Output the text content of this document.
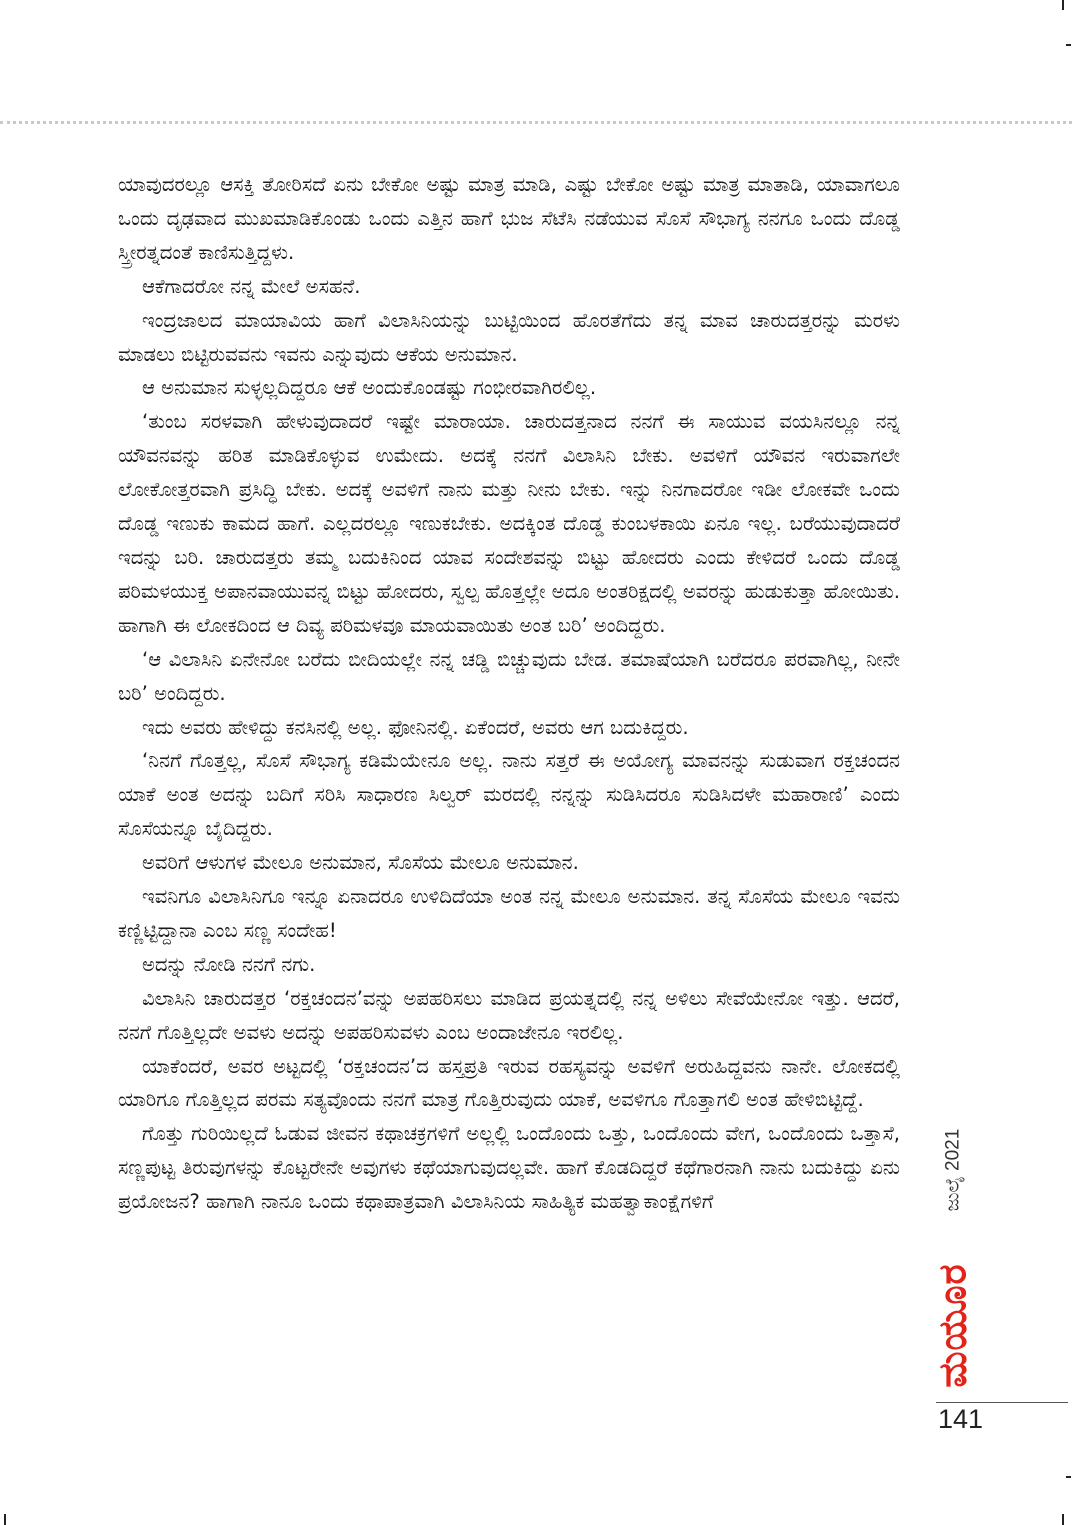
ಯಾವುದರಲ್ಲೂ ಆಸಕ್ತಿ ತೋರಿಸದೆ ಏನು ಬೇಕೋ ಅಷ್ಟು ಮಾತ್ರ ಮಾಡಿ, ಎಷ್ಟು ಬೇಕೋ ಅಷ್ಟು ಮಾತ್ರ ಮಾತಾಡಿ, ಯಾವಾಗಲೂ ಒಂದು ದೃಢವಾದ ಮುಖಮಾಡಿಕೊಂಡು ಒಂದು ಎತ್ತಿನ ಹಾಗೆ ಭುಜ ಸೆಟೆಸಿ ನಡೆಯುವ ಸೊಸೆ ಸೌಭಾಗ್ಯ ನನಗೂ ಒಂದು ದೊಡ್ಡ ಸ್ತ್ರೀರತ್ನದಂತೆ ಕಾಣಿಸುತ್ತಿದ್ದಳು.

ಆಕೆಗಾದರೋ ನನ್ನ ಮೇಲೆ ಅಸಹನೆ.

ಇಂದ್ರಜಾಲದ ಮಾಯಾವಿಯ ಹಾಗೆ ವಿಲಾಸಿನಿಯನ್ನು ಬುಟ್ಟಿಯಿಂದ ಹೊರತೆಗೆದು ತನ್ನ ಮಾವ ಚಾರುದತ್ತರನ್ನು ಮರಳು ಮಾಡಲು ಬಿಟ್ಟಿರುವವನು ಇವನು ಎನ್ನುವುದು ಆಕೆಯ ಅನುಮಾನ.

ಆ ಅನುಮಾನ ಸುಳ್ಳಲ್ಲದಿದ್ದರೂ ಆಕೆ ಅಂದುಕೊಂಡಷ್ಟು ಗಂಭೀರವಾಗಿರಲಿಲ್ಲ.

‘ತುಂಬ ಸರಳವಾಗಿ ಹೇಳುವುದಾದರೆ ಇಷ್ಟೇ ಮಾರಾಯಾ. ಚಾರುದತ್ತನಾದ ನನಗೆ ಈ ಸಾಯುವ ವಯಸಿನಲ್ಲೂ ನನ್ನ ಯೌವನವನ್ನು ಹರಿತ ಮಾಡಿಕೊಳ್ಳುವ ಉಮೇದು. ಅದಕ್ಕೆ ನನಗೆ ವಿಲಾಸಿನಿ ಬೇಕು. ಅವಳಿಗೆ ಯೌವನ ಇರುವಾಗಲೇ ಲೋಕೋತ್ತರವಾಗಿ ಪ್ರಸಿದ್ಧಿ ಬೇಕು. ಅದಕ್ಕೆ ಅವಳಿಗೆ ನಾನು ಮತ್ತು ನೀನು ಬೇಕು. ಇನ್ನು ನಿನಗಾದರೋ ಇಡೀ ಲೋಕವೇ ಒಂದು ದೊಡ್ಡ ಇಣುಕು ಕಾಮದ ಹಾಗೆ. ಎಲ್ಲದರಲ್ಲೂ ಇಣುಕಬೇಕು. ಅದಕ್ಕಿಂತ ದೊಡ್ಡ ಕುಂಬಳಕಾಯಿ ಏನೂ ಇಲ್ಲ. ಬರೆಯುವುದಾದರೆ ಇದನ್ನು ಬರಿ. ಚಾರುದತ್ತರು ತಮ್ಮ ಬದುಕಿನಿಂದ ಯಾವ ಸಂದೇಶವನ್ನು ಬಿಟ್ಟು ಹೋದರು ಎಂದು ಕೇಳಿದರೆ ಒಂದು ದೊಡ್ಡ ಪರಿಮಳಯುಕ್ತ ಅಪಾನವಾಯುವನ್ನ ಬಿಟ್ಟು ಹೋದರು, ಸ್ವಲ್ಪ ಹೊತ್ತಲ್ಲೇ ಅದೂ ಅಂತರಿಕ್ಷದಲ್ಲಿ ಅವರನ್ನು ಹುಡುಕುತ್ತಾ ಹೋಯಿತು. ಹಾಗಾಗಿ ಈ ಲೋಕದಿಂದ ಆ ದಿವ್ಯ ಪರಿಮಳವೂ ಮಾಯವಾಯಿತು ಅಂತ ಬರಿ’ ಅಂದಿದ್ದರು.

‘ಆ ವಿಲಾಸಿನಿ ಏನೇನೋ ಬರೆದು ಬೀದಿಯಲ್ಲೇ ನನ್ನ ಚಡ್ಡಿ ಬಿಚ್ಚುವುದು ಬೇಡ. ತಮಾಷೆಯಾಗಿ ಬರೆದರೂ ಪರವಾಗಿಲ್ಲ, ನೀನೇ ಬರಿ’ ಅಂದಿದ್ದರು.

ಇದು ಅವರು ಹೇಳಿದ್ದು ಕನಸಿನಲ್ಲಿ ಅಲ್ಲ. ಫೋನಿನಲ್ಲಿ. ಏಕೆಂದರೆ, ಅವರು ಆಗ ಬದುಕಿದ್ದರು.

‘ನಿನಗೆ ಗೊತ್ತಲ್ಲ, ಸೊಸೆ ಸೌಭಾಗ್ಯ ಕಡಿಮೆಯೇನೂ ಅಲ್ಲ. ನಾನು ಸತ್ತರೆ ಈ ಅಯೋಗ್ಯ ಮಾವನನ್ನು ಸುಡುವಾಗ ರಕ್ತಚಂದನ ಯಾಕೆ ಅಂತ ಅದನ್ನು ಬದಿಗೆ ಸರಿಸಿ ಸಾಧಾರಣ ಸಿಲ್ವರ್ ಮರದಲ್ಲಿ ನನ್ನನ್ನು ಸುಡಿಸಿದರೂ ಸುಡಿಸಿದಳೇ ಮಹಾರಾಣಿ’ ಎಂದು ಸೊಸೆಯನ್ನೂ ಬೈದಿದ್ದರು.

ಅವರಿಗೆ ಆಳುಗಳ ಮೇಲೂ ಅನುಮಾನ, ಸೊಸೆಯ ಮೇಲೂ ಅನುಮಾನ.

ಇವನಿಗೂ ವಿಲಾಸಿನಿಗೂ ಇನ್ನೂ ಏನಾದರೂ ಉಳಿದಿದೆಯಾ ಅಂತ ನನ್ನ ಮೇಲೂ ಅನುಮಾನ. ತನ್ನ ಸೊಸೆಯ ಮೇಲೂ ಇವನು ಕಣ್ಣಿಟ್ಟಿದ್ದಾನಾ ಎಂಬ ಸಣ್ಣ ಸಂದೇಹ!

ಅದನ್ನು ನೋಡಿ ನನಗೆ ನಗು.

ವಿಲಾಸಿನಿ ಚಾರುದತ್ತರ ‘ರಕ್ತಚಂದನ’ವನ್ನು ಅಪಹರಿಸಲು ಮಾಡಿದ ಪ್ರಯತ್ನದಲ್ಲಿ ನನ್ನ ಅಳಿಲು ಸೇವೆಯೇನೋ ಇತ್ತು. ಆದರೆ, ನನಗೆ ಗೊತ್ತಿಲ್ಲದೇ ಅವಳು ಅದನ್ನು ಅಪಹರಿಸುವಳು ಎಂಬ ಅಂದಾಜೇನೂ ಇರಲಿಲ್ಲ.

ಯಾಕೆಂದರೆ, ಅವರ ಅಟ್ಟದಲ್ಲಿ ‘ರಕ್ತಚಂದನ’ದ ಹಸ್ತಪ್ರತಿ ಇರುವ ರಹಸ್ಯವನ್ನು ಅವಳಿಗೆ ಅರುಹಿದ್ದವನು ನಾನೇ. ಲೋಕದಲ್ಲಿ ಯಾರಿಗೂ ಗೊತ್ತಿಲ್ಲದ ಪರಮ ಸತ್ಯವೊಂದು ನನಗೆ ಮಾತ್ರ ಗೊತ್ತಿರುವುದು ಯಾಕೆ, ಅವಳಿಗೂ ಗೊತ್ತಾಗಲಿ ಅಂತ ಹೇಳಿಬಿಟ್ಟಿದ್ದೆ.

ಗೊತ್ತು ಗುರಿಯಿಲ್ಲದೆ ಓಡುವ ಜೀವನ ಕಥಾಚಕ್ರಗಳಿಗೆ ಅಲ್ಲಲ್ಲಿ ಒಂದೊಂದು ಒತ್ತು, ಒಂದೊಂದು ವೇಗ, ಒಂದೊಂದು ಒತ್ತಾಸೆ, ಸಣ್ಣಪುಟ್ಟ ತಿರುವುಗಳನ್ನು ಕೊಟ್ಟರೇನೇ ಅವುಗಳು ಕಥೆಯಾಗುವುದಲ್ಲವೇ. ಹಾಗೆ ಕೊಡದಿದ್ದರೆ ಕಥೆಗಾರನಾಗಿ ನಾನು ಬದುಕಿದ್ದು ಏನು ಪ್ರಯೋಜನ? ಹಾಗಾಗಿ ನಾನೂ ಒಂದು ಕಥಾಪಾತ್ರವಾಗಿ ವಿಲಾಸಿನಿಯ ಸಾಹಿತ್ಯಿಕ ಮಹತ್ವಾಕಾಂಕ್ಷೆಗಳಿಗೆ	ಜುಲೈ 2021
ಮಯೂರ
141
